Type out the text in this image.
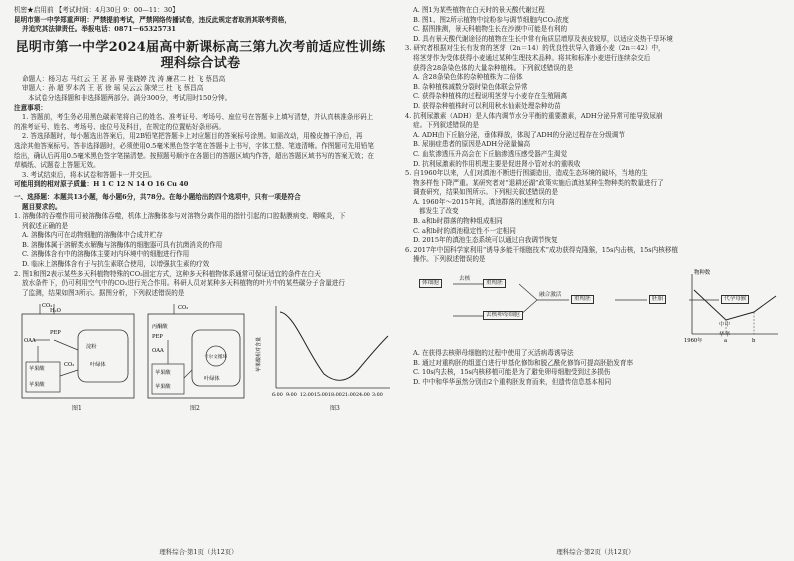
机密★启用前 【考试时间：4月30日 9：00—11：30】
昆明市第一中学郑重声明：严禁提前考试，严禁网络传播试卷，违反此规定者取消其联考资格，
并追究其法律责任。举报电话：0871－65325731
昆明市第一中学2024届高中新课标高三第九次考前适应性训练
理科综合试卷
命题人：杨习志 马红云 王 茗 孙 昇 张晓婷 沈 涛 廉君二 杜 飞 蔡昌高
审题人：孙 超 罗本芮 王 茗 徐 瑶 吴云云 陈荣三 杜 飞 蔡昌高
本试卷分选择题和非选择题两部分。满分300分，考试用时150分钟。
注意事项：
1. 答题前，考生务必用黑色碳素笔将自己的姓名、准考证号、考场号、座位号在答题卡上填写清楚，并认真核准条形码上
的准考证号、姓名、考场号、座位号及科目，在规定的位置贴好条形码。
2. 答选择题时，每小题选出答案后，用2B铅笔把答题卡上对应题目的答案标号涂黑。如需改动，用橡皮擦干净后，再
选涂其他答案标号。答非选择题时，必须使用0.5毫米黑色签字笔在答题卡上书写，字体工整、笔迹清晰。作图题可先用铅笔
绘出，确认后再用0.5毫米黑色签字笔描清楚。按照题号顺序在各题目的答题区域内作答，超出答题区域书写的答案无效；在
草稿纸、试题卷上答题无效。
3. 考试结束后，将本试卷和答题卡一并交回。
可能用到的相对原子质量：H 1 C 12 N 14 O 16 Cu 40
一、选择题：本题共13小题，每小题6分，共78分。在每小题给出的四个选项中，只有一项是符合
题目要求的。
1. 溶酶体的吞噬作用可被溶酶体吞噬，机体上溶酶体参与对溶物分离作用的指针引起的口腔黏膜病变、咽喉炎，下
列叙述正确的是
A. 溶酶体内可在动物细胞的溶酶体中合成并贮存
B. 溶酶体属于溶解类水解酶与溶酶体的细胞器可具有抗菌消炎的作用
C. 溶酶体含有中的溶酶体主要对内环境中的细胞进行作用
D. 临床上溶酶体含有于与抗生素联合使用，以增强抗生素的疗效
2. 图1和图2表示某些多天科植物特殊的CO₂固定方式，这种多天科植物体系通常可保证适宜的条件在白天
放水条件下，仍可利用空气中的CO₂进行光合作用。科研人员对某种多天科植物的叶片中的某些碳分子含量进行
了监测，结果如图3所示。据图分析，下列叙述错误的是
CO₂
H₂O
PEP
OAA
苹果酸
苹果酸
淀粉
叶绿体
CO₂
CO₂
丙酮酸
PEP
OAA
苹果酸
苹果酸
卡尔文循环
叶绿体
苹果酸相对含量
6:00 9:00 12:00 15:00 18:00 21:00 24:00 3:00
图1	图2	图3
理科综合·第1页（共12页）
A. 图1为某些植物在白天时的景天酸代谢过程
B. 图1、图2所示植物中淀粉参与调节细胞内CO₂浓度
C. 据图推测，景天科植物生长在沙漠中可能是有利的
D. 具有景天酸代谢途径的植物在生长中常有角质层增厚及表皮较厚，以适应炎热干旱环境
3. 研究者根据对生长有发育的茎芽（2n＝14）的优良性状导入普通小麦（2n＝42）中，
将茎芽作为受体获得小麦通过某种生理技术品种。将其和标准小麦进行连续杂交后
获得含28条染色体的大量杂种植株。下列叙述错误的是
A. 含28条染色体的杂种植株为二倍体
B. 杂种植株减数分裂时染色体联会异常
C. 获得杂种植株的过程说明茎芽与小麦存在生殖隔离
D. 获得杂种植株时可以利用秋水仙素处理杂种幼苗
4. 抗利尿激素（ADH）是人体内调节水分平衡的重要激素，ADH分泌异常可能导致尿崩
症。下列叙述错误的是
A. ADH由下丘脑分泌，垂体释放，体现了ADH的分泌过程存在分级调节
B. 尿崩症患者的原因是ADH分泌量偏高
C. 血浆渗透压升高会在下丘脑渗透压感受器产生渴觉
D. 抗利尿激素的作用机理主要是促进肾小管对水的重吸收
5. 自1960年以来，人们对滇池不断进行围湖造田，造成生态环境的破坏，当地的生
物多样性下降严重。某研究者对“退耕还湖”政策实施后滇池某种生物种类的数量进行了
调查研究，结果如图所示。下列相关叙述错误的是
A. 1960年～2015年间，滇池群落的速度和方向
都发生了改变
B. a和b时群落的物种组成相同
C. a和b时的滇池稳定性不一定相同
D. 2015年的滇池生态系统可以通过自我调节恢复
物种数
1960年	a	b
6. 2017年中国科学家利用“诱导多能干细胞技术”成功获得克隆猴，15s内击核，15s内核移植
操作。下列叙述错误的是
体细胞
去核
去核卵母细胞
重构胚
融合激活
重构胚	胚胎	代孕母猴
中中
华华
A. 在获得去核卵母细胞的过程中使用了灭活病毒诱导法
B. 通过对重构胚的组蛋白进行甲基化修饰和脱乙酰化修饰可提高胚胎发育率
C. 10s内去核，15s内核移植可能是为了避免卵母细胞受到过多损伤
D. 中中和华华虽然分别由2个重构胚发育而来，但遗传信息基本相同
理科综合·第2页（共12页）
